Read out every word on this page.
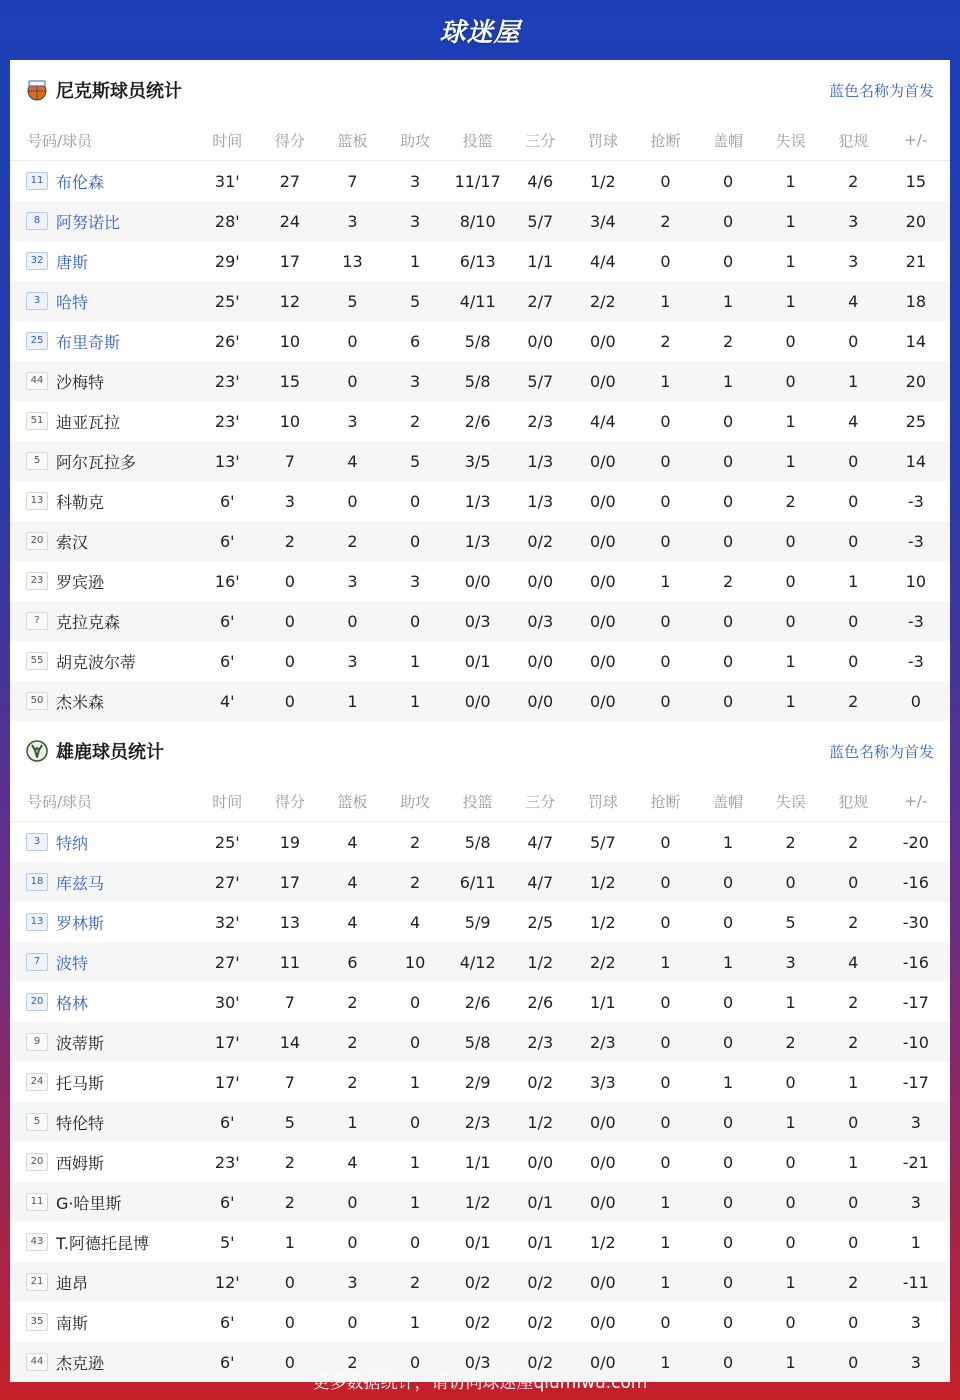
球迷屋
尼克斯球员统计	蓝色名称为首发
号码/球员	时间	得分	篮板	助攻	投篮	三分	罚球	抢断	盖帽	失误	犯规	+/-
11 布伦森	31'	27	7	3	11/17	4/6	1/2	0	0	1	2	15
8 阿努诺比	28'	24	3	3	8/10	5/7	3/4	2	0	1	3	20
32 唐斯	29'	17	13	1	6/13	1/1	4/4	0	0	1	3	21
3 哈特	25'	12	5	5	4/11	2/7	2/2	1	1	1	4	18
25 布里奇斯	26'	10	0	6	5/8	0/0	0/0	2	2	0	0	14
44 沙梅特	23'	15	0	3	5/8	5/7	0/0	1	1	0	1	20
51 迪亚瓦拉	23'	10	3	2	2/6	2/3	4/4	0	0	1	4	25
5 阿尔瓦拉多	13'	7	4	5	3/5	1/3	0/0	0	0	1	0	14
13 科勒克	6'	3	0	0	1/3	1/3	0/0	0	0	2	0	-3
20 索汉	6'	2	2	0	1/3	0/2	0/0	0	0	0	0	-3
23 罗宾逊	16'	0	3	3	0/0	0/0	0/0	1	2	0	1	10
?	克拉克森	6'	0	0	0	0/3	0/3	0/0	0	0	0	0	-3
55 胡克波尔蒂	6'	0	3	1	0/1	0/0	0/0	0	0	1	0	-3
50 杰米森	4'	0	1	1	0/0	0/0	0/0	0	0	1	2	0
雄鹿球员统计	蓝色名称为首发
号码/球员	时间	得分	篮板	助攻	投篮	三分	罚球	抢断	盖帽	失误	犯规	+/-
3 特纳	25'	19	4	2	5/8	4/7	5/7	0	1	2	2	-20
18 库兹马	27'	17	4	2	6/11	4/7	1/2	0	0	0	0	-16
13 罗林斯	32'	13	4	4	5/9	2/5	1/2	0	0	5	2	-30
7 波特	27'	11	6	10	4/12	1/2	2/2	1	1	3	4	-16
20 格林	30'	7	2	0	2/6	2/6	1/1	0	0	1	2	-17
9 波蒂斯	17'	14	2	0	5/8	2/3	2/3	0	0	2	2	-10
24 托马斯	17'	7	2	1	2/9	0/2	3/3	0	1	0	1	-17
5 特伦特	6'	5	1	0	2/3	1/2	0/0	0	0	1	0	3
20 西姆斯	23'	2	4	1	1/1	0/0	0/0	0	0	0	1	-21
11 G·哈里斯	6'	2	0	1	1/2	0/1	0/0	1	0	0	0	3
43 T.阿德托昆博	5'	1	0	0	0/1	0/1	1/2	1	0	0	0	1
21 迪昂	12'	0	3	2	0/2	0/2	0/0	1	0	1	2	-11
35 南斯	6'	0	0	1	0/2	0/2	0/0	0	0	0	0	3
44 杰克逊	6'	0	2	0	0/3	0/2	0/0	1	0	1	0	3
更多数据统计，请访问球迷屋qiumiwu.com
